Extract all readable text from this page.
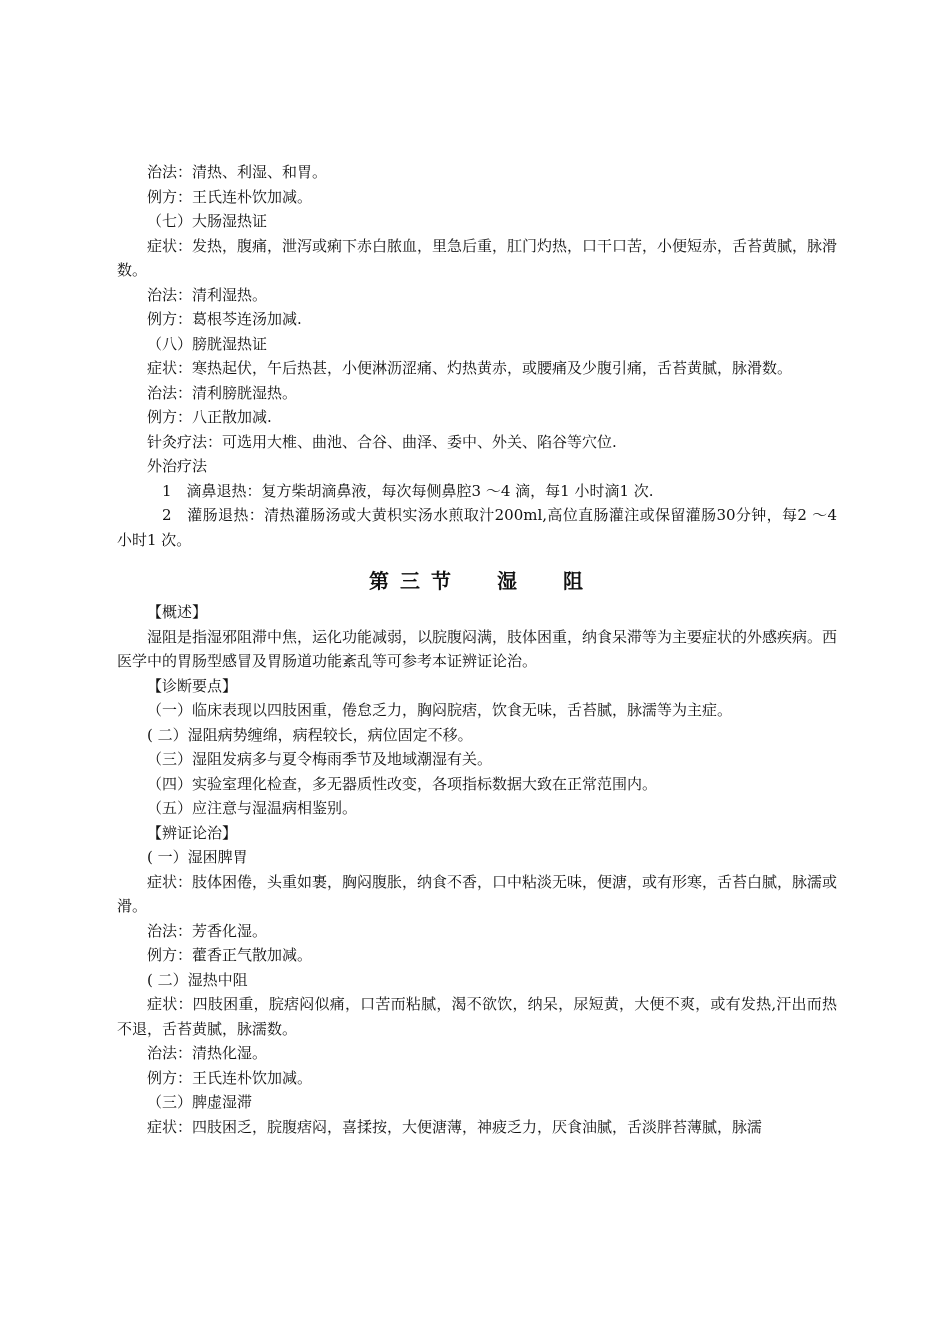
治法：清热、利湿、和胃。
例方：王氏连朴饮加减。
（七）大肠湿热证
症状：发热，腹痛，泄泻或痢下赤白脓血，里急后重，肛门灼热，口干口苦，小便短赤，舌苔黄腻，脉滑数。
治法：清利湿热。
例方：葛根芩连汤加减.
（八）膀胱湿热证
症状：寒热起伏，午后热甚，小便淋沥涩痛、灼热黄赤，或腰痛及少腹引痛，舌苔黄腻，脉滑数。
治法：清利膀胱湿热。
例方：八正散加减.
针灸疗法：可选用大椎、曲池、合谷、曲泽、委中、外关、陷谷等穴位.
外治疗法
1　滴鼻退热：复方柴胡滴鼻液，每次每侧鼻腔3 ～4 滴，每1 小时滴1 次.
2　灌肠退热：清热灌肠汤或大黄枳实汤水煎取汁200ml,高位直肠灌注或保留灌肠30分钟，每2 ～4 小时1 次。
第 三 节　　湿　　阻
【概述】
湿阻是指湿邪阻滞中焦，运化功能减弱，以脘腹闷满，肢体困重，纳食呆滞等为主要症状的外感疾病。西医学中的胃肠型感冒及胃肠道功能紊乱等可参考本证辨证论治。
【诊断要点】
（一）临床表现以四肢困重，倦怠乏力，胸闷脘痞，饮食无味，舌苔腻，脉濡等为主症。
( 二）湿阻病势缠绵，病程较长，病位固定不移。
（三）湿阻发病多与夏令梅雨季节及地域潮湿有关。
（四）实验室理化检查，多无器质性改变，各项指标数据大致在正常范围内。
（五）应注意与湿温病相鉴别。
【辨证论治】
( 一）湿困脾胃
症状：肢体困倦，头重如裹，胸闷腹胀，纳食不香，口中粘淡无味，便溏，或有形寒，舌苔白腻，脉濡或滑。
治法：芳香化湿。
例方：藿香正气散加减。
( 二）湿热中阻
症状：四肢困重，脘痞闷似痛，口苦而粘腻，渴不欲饮，纳呆，尿短黄，大便不爽，或有发热,汗出而热不退，舌苔黄腻，脉濡数。
治法：清热化湿。
例方：王氏连朴饮加减。
（三）脾虚湿滞
症状：四肢困乏，脘腹痞闷，喜揉按，大便溏薄，神疲乏力，厌食油腻，舌淡胖苔薄腻，脉濡
